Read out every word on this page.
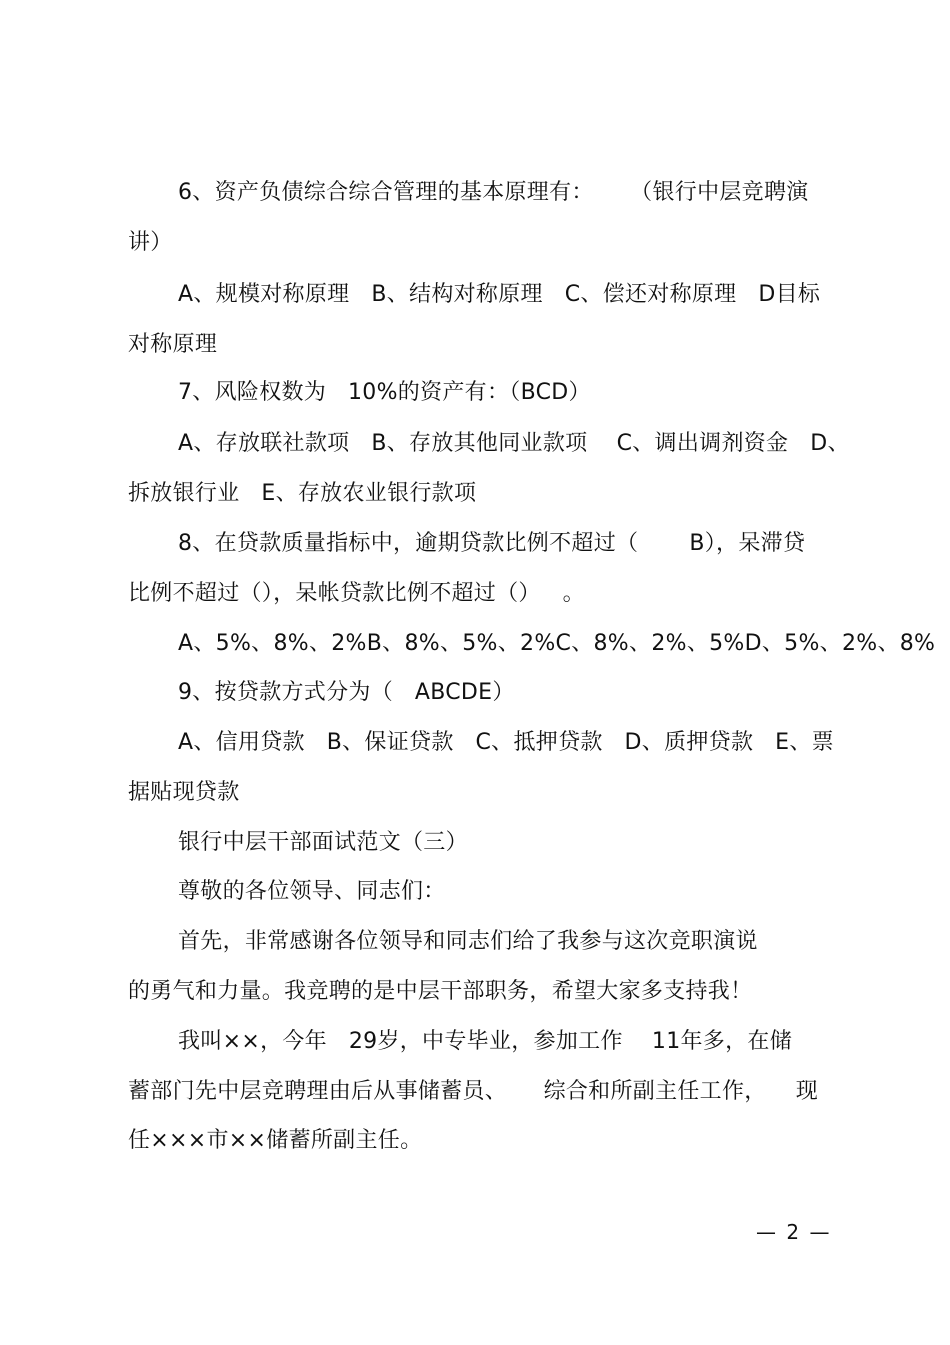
6、资产负债综合综合管理的基本原理有：     （银行中层竞聘演
讲）
A、规模对称原理   B、结构对称原理   C、偿还对称原理   D目标
对称原理
7、风险权数为   10%的资产有：（BCD）
A、存放联社款项   B、存放其他同业款项    C、调出调剂资金   D、
拆放银行业   E、存放农业银行款项
8、在贷款质量指标中，逾期贷款比例不超过（       B），呆滞贷
比例不超过（），呆帐贷款比例不超过（）   。
A、5%、8%、2%B、8%、5%、2%C、8%、2%、5%D、5%、2%、8%
9、按贷款方式分为（   ABCDE）
A、信用贷款   B、保证贷款   C、抵押贷款   D、质押贷款   E、票
据贴现贷款
银行中层干部面试范文（三）
尊敬的各位领导、同志们：
首先，非常感谢各位领导和同志们给了我参与这次竞职演说
的勇气和力量。我竞聘的是中层干部职务，希望大家多支持我！
我叫××，今年   29岁，中专毕业，参加工作    11年多，在储
蓄部门先中层竞聘理由后从事储蓄员、     综合和所副主任工作，    现
任×××市××储蓄所副主任。
— 2 —
